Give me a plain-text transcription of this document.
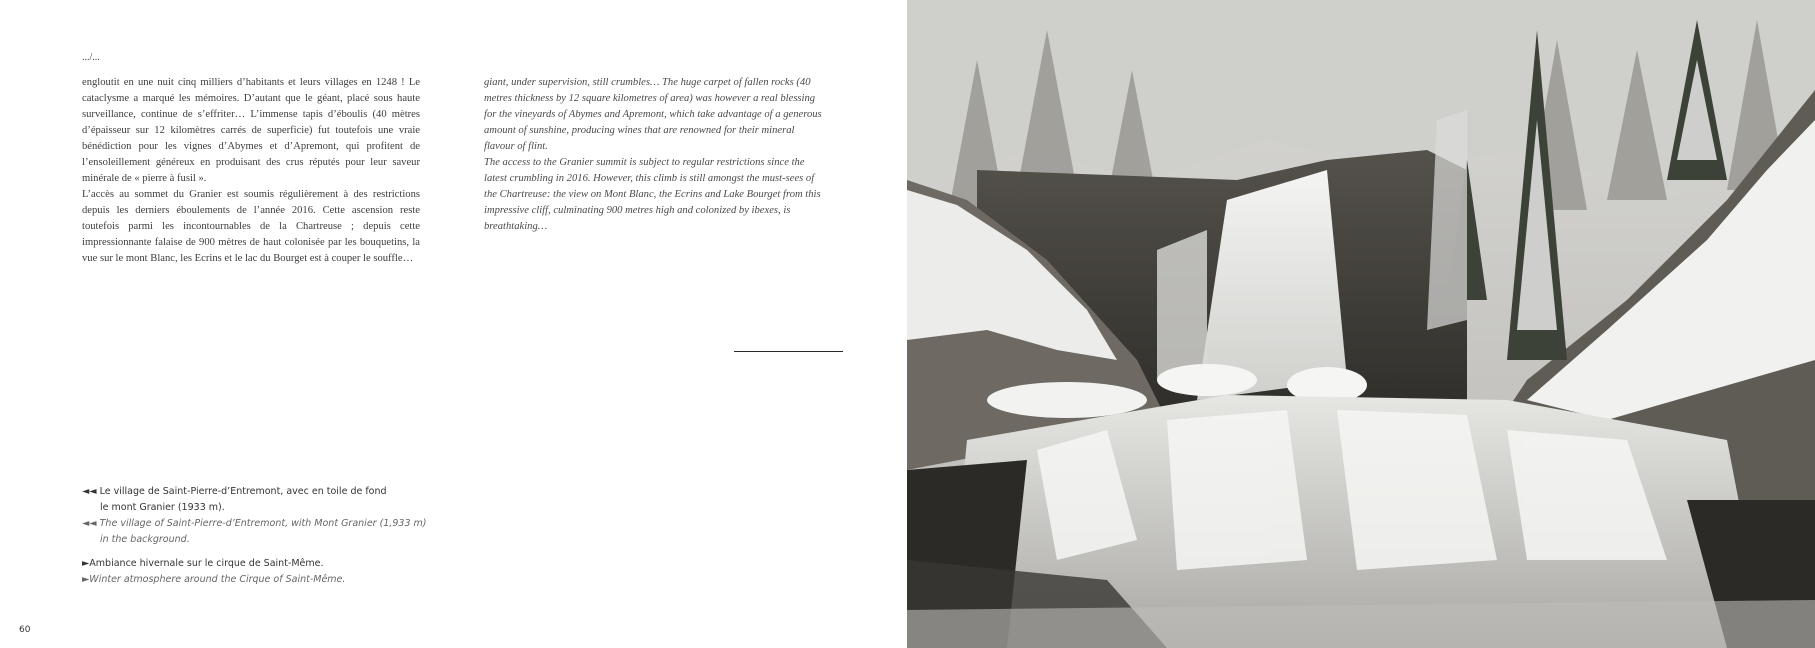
.../...

engloutit en une nuit cinq milliers d’habitants et leurs villages en 1248 ! Le cataclysme a marqué les mémoires. D’autant que le géant, placé sous haute surveillance, continue de s’effriter… L’immense tapis d’éboulis (40 mètres d’épaisseur sur 12 kilomètres carrés de superficie) fut toutefois une vraie bénédiction pour les vignes d’Abymes et d’Apremont, qui profitent de l’ensoleillement généreux en produisant des crus réputés pour leur saveur minérale de « pierre à fusil ».

L’accès au sommet du Granier est soumis régulièrement à des restrictions depuis les derniers éboulements de l’année 2016. Cette ascension reste toutefois parmi les incontournables de la Chartreuse ; depuis cette impressionnante falaise de 900 mètres de haut colonisée par les bouquetins, la vue sur le mont Blanc, les Ecrins et le lac du Bourget est à couper le souffle…

giant, under supervision, still crumbles… The huge carpet of fallen rocks (40 metres thickness by 12 square kilometres of area) was however a real blessing for the vineyards of Abymes and Apremont, which take advantage of a generous amount of sunshine, producing wines that are renowned for their mineral flavour of flint.

The access to the Granier summit is subject to regular restrictions since the latest crumbling in 2016. However, this climb is still amongst the must-sees of the Chartreuse: the view on Mont Blanc, the Ecrins and Lake Bourget from this impressive cliff, culminating 900 metres high and colonized by ibexes, is breathtaking…

◄◄ Le village de Saint-Pierre-d’Entremont, avec en toile de fond

le mont Granier (1933 m).

◄◄ The village of Saint-Pierre-d’Entremont, with Mont Granier (1,933 m)

in the background.

►Ambiance hivernale sur le cirque de Saint-Même.

►Winter atmosphere around the Cirque of Saint-Même.

60
